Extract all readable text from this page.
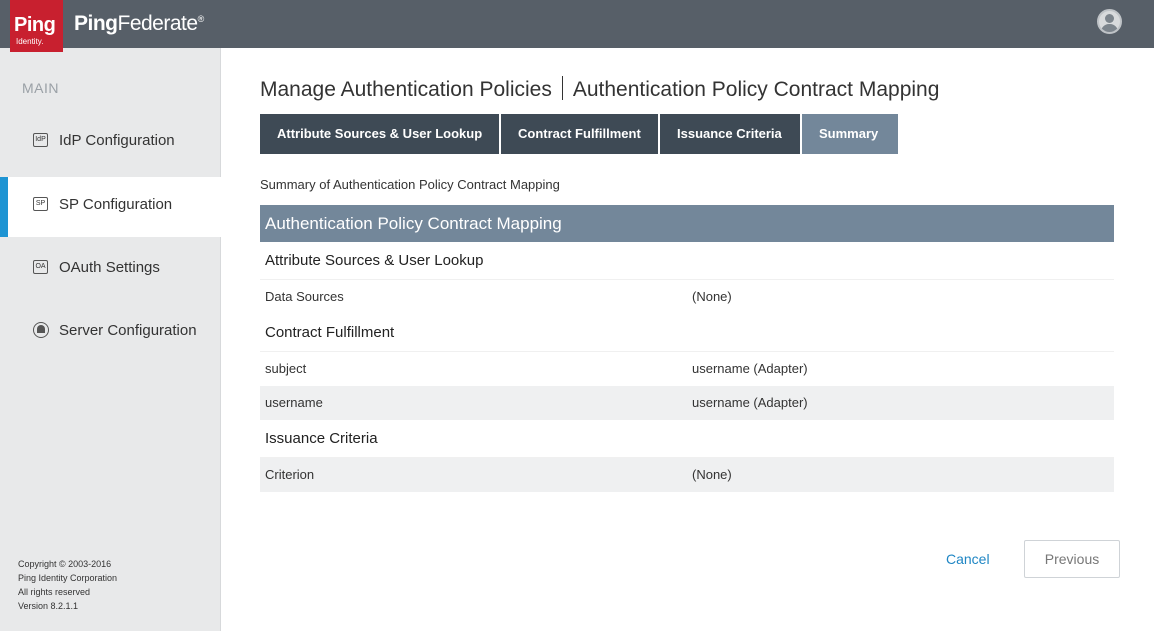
Ping
Identity.
PingFederate®
MAIN
IdP IdP Configuration
SP SP Configuration
OA OAuth Settings
Server Configuration
Copyright © 2003-2016
Ping Identity Corporation
All rights reserved
Version 8.2.1.1
Manage Authentication Policies Authentication Policy Contract Mapping
Attribute Sources & User Lookup	Contract Fulfillment	Issuance Criteria	Summary
Summary of Authentication Policy Contract Mapping
Authentication Policy Contract Mapping
Attribute Sources & User Lookup
Data Sources	(None)
Contract Fulfillment
subject	username (Adapter)
username	username (Adapter)
Issuance Criteria
Criterion	(None)
Cancel	Previous
